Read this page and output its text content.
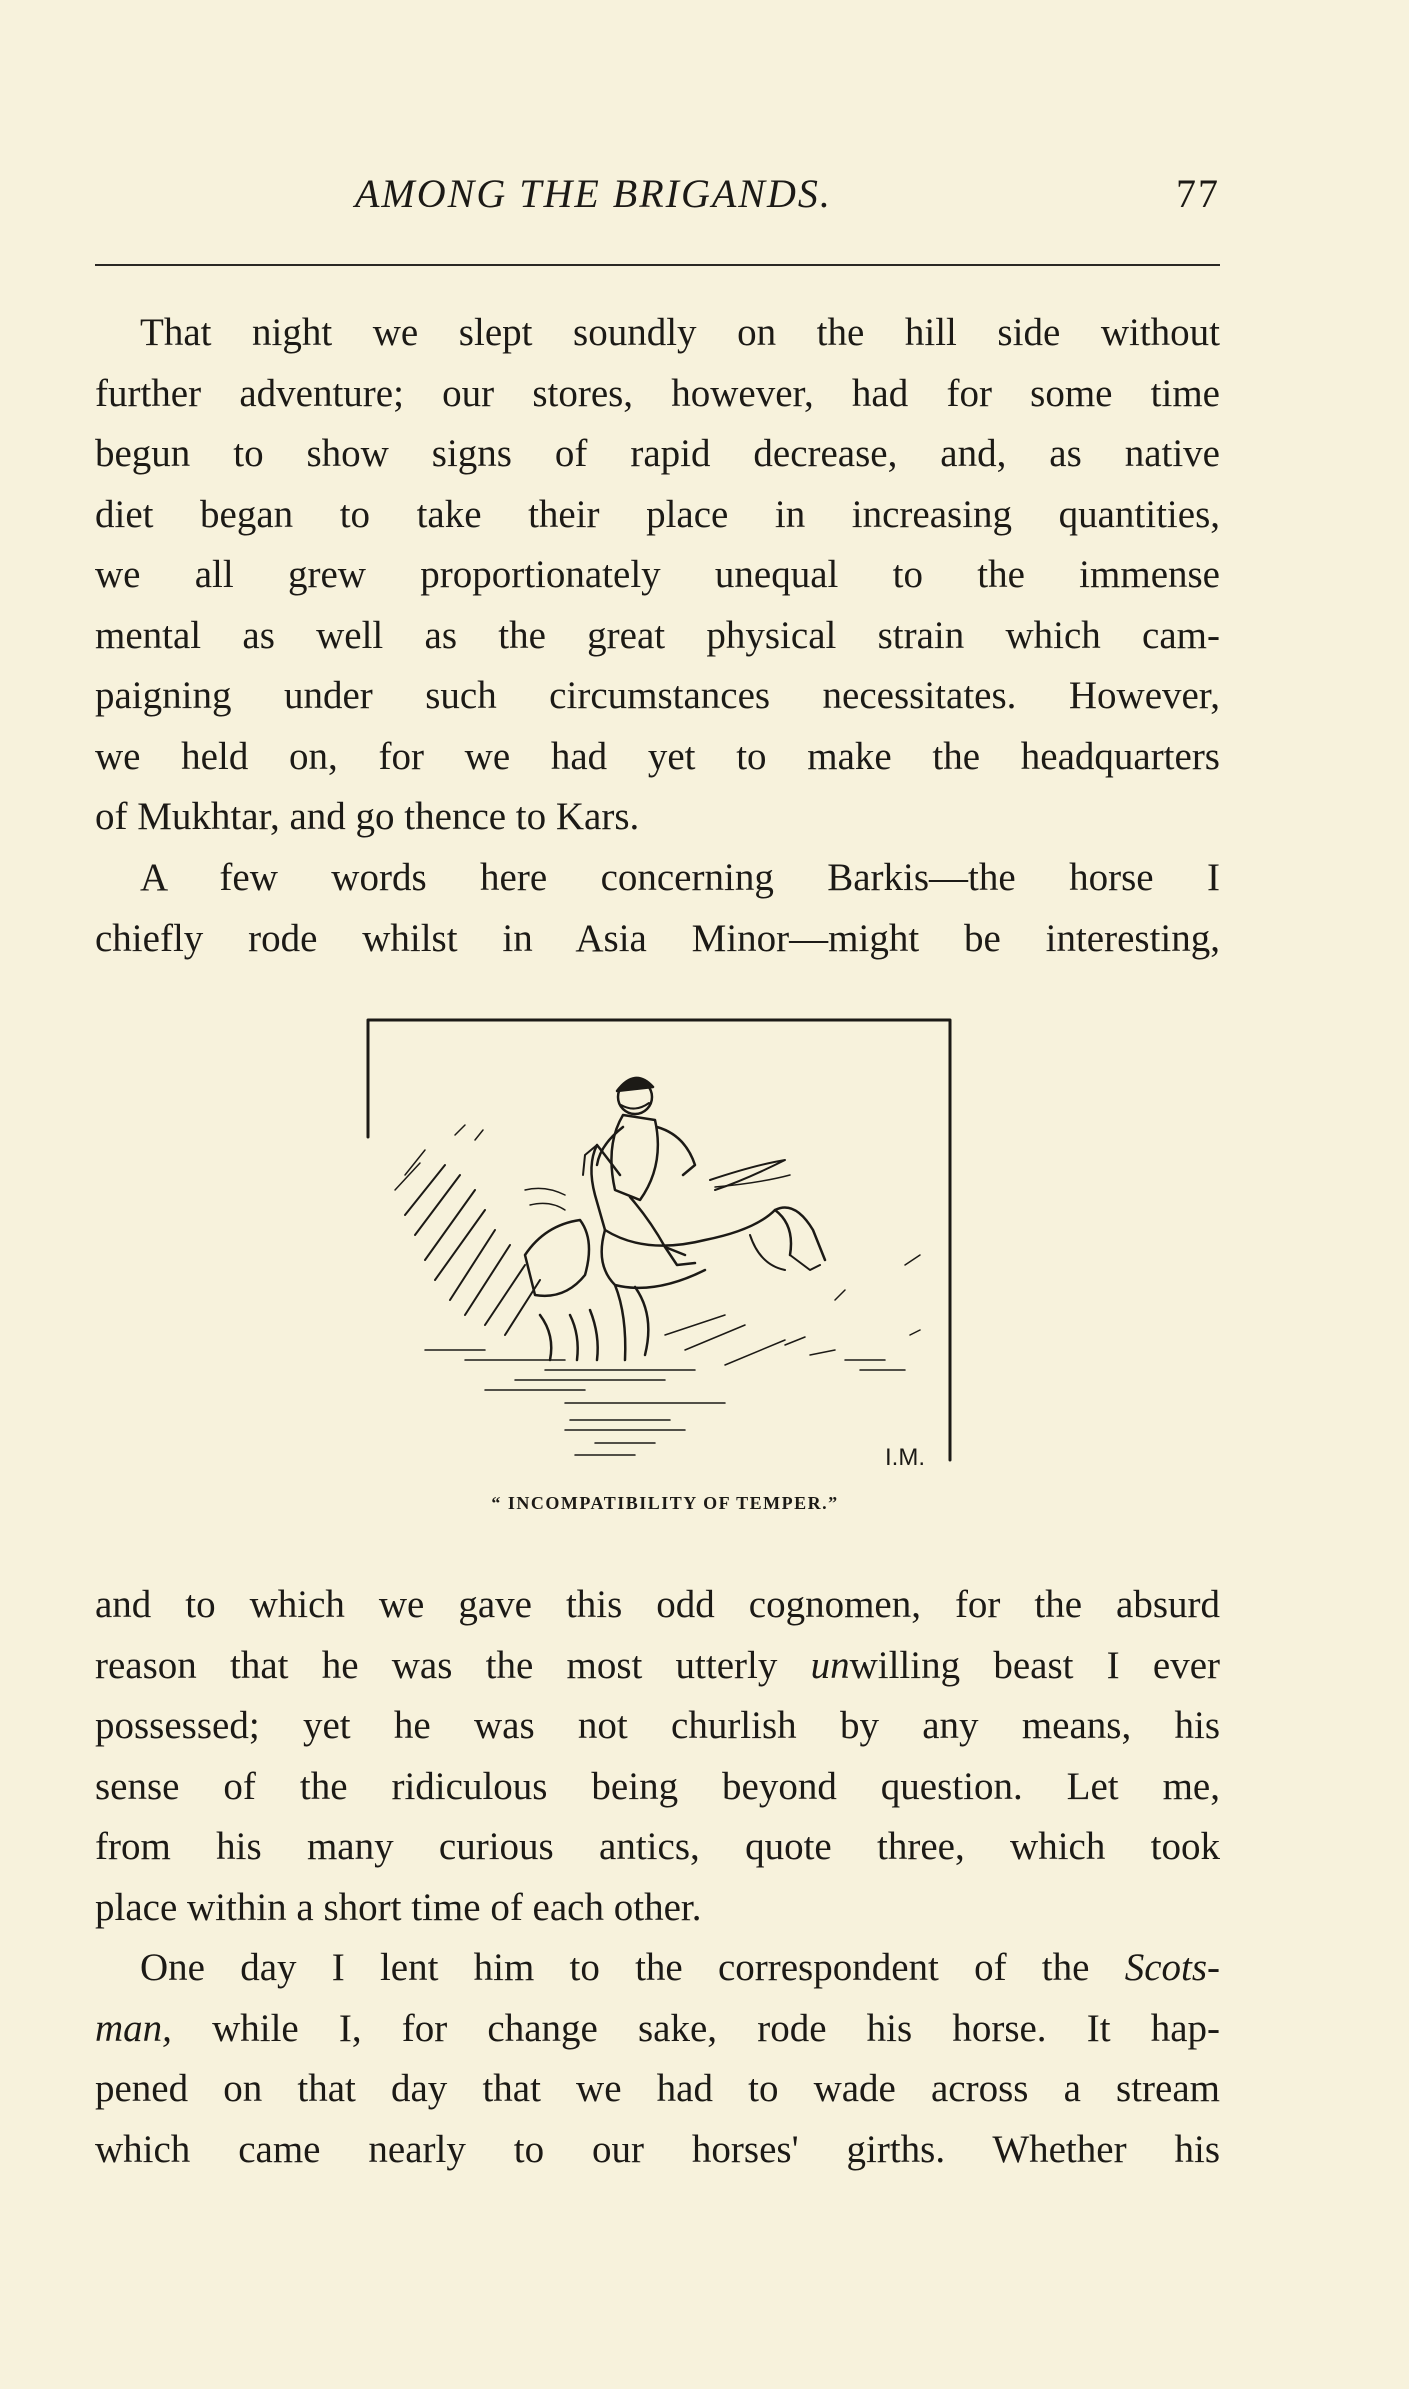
AMONG THE BRIGANDS.	77

That night we slept soundly on the hill side without
further adventure; our stores, however, had for some time
begun to show signs of rapid decrease, and, as native
diet began to take their place in increasing quantities,
we all grew proportionately unequal to the immense
mental as well as the great physical strain which cam-
paigning under such circumstances necessitates. However,
we held on, for we had yet to make the headquarters
of Mukhtar, and go thence to Kars.

A few words here concerning Barkis—the horse I
chiefly rode whilst in Asia Minor—might be interesting,

I.M.
“ INCOMPATIBILITY OF TEMPER.”

and to which we gave this odd cognomen, for the absurd
reason that he was the most utterly unwilling beast I ever
possessed; yet he was not churlish by any means, his
sense of the ridiculous being beyond question. Let me,
from his many curious antics, quote three, which took
place within a short time of each other.

One day I lent him to the correspondent of the Scots-
man, while I, for change sake, rode his horse. It hap-
pened on that day that we had to wade across a stream
which came nearly to our horses' girths. Whether his
